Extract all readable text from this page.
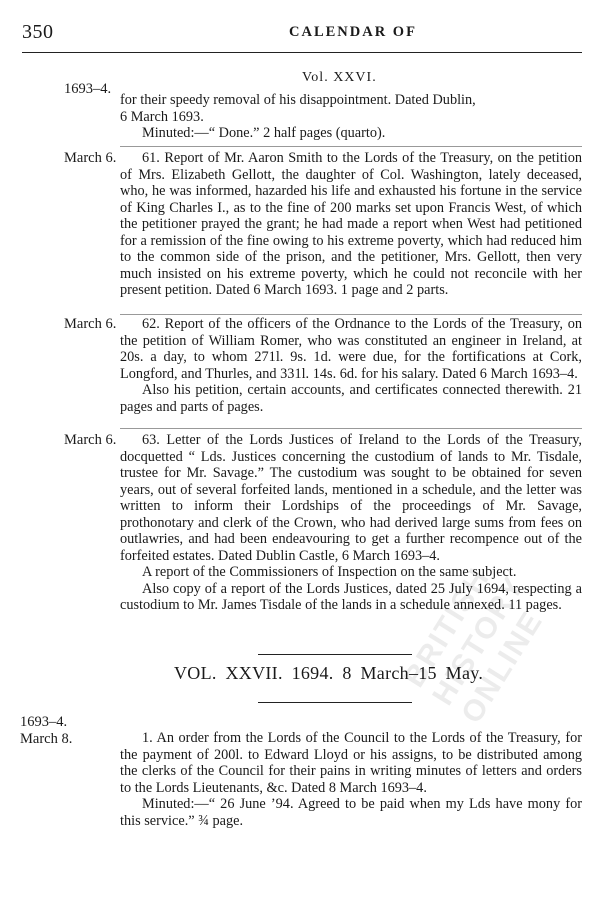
350	CALENDAR OF
BRITISH HISTORY ONLINE
Vol. XXVI.
1693–4.

for their speedy removal of his disappointment. Dated Dublin,

6 March 1693.

Minuted:—“ Done.” 2 half pages (quarto).

March 6.	61. Report of Mr. Aaron Smith to the Lords of the Treasury, on the petition of Mrs. Elizabeth Gellott, the daughter of Col. Washington, lately deceased, who, he was informed, hazarded his life and exhausted his fortune in the service of King Charles I., as to the fine of 200 marks set upon Francis West, of which the petitioner prayed the grant; he had made a report when West had petitioned for a remission of the fine owing to his extreme poverty, which had reduced him to the common side of the prison, and the petitioner, Mrs. Gellott, then very much insisted on his extreme poverty, which he could not reconcile with her present petition. Dated 6 March 1693. 1 page and 2 parts.
March 6.	62. Report of the officers of the Ordnance to the Lords of the Treasury, on the petition of William Romer, who was constituted an engineer in Ireland, at 20s. a day, to whom 271l. 9s. 1d. were due, for the fortifications at Cork, Longford, and Thurles, and 331l. 14s. 6d. for his salary. Dated 6 March 1693–4.

Also his petition, certain accounts, and certificates connected therewith. 21 pages and parts of pages.

March 6.	63. Letter of the Lords Justices of Ireland to the Lords of the Treasury, docquetted “ Lds. Justices concerning the custodium of lands to Mr. Tisdale, trustee for Mr. Savage.” The custodium was sought to be obtained for seven years, out of several forfeited lands, mentioned in a schedule, and the letter was written to inform their Lordships of the proceedings of Mr. Savage, prothonotary and clerk of the Crown, who had derived large sums from fees on outlawries, and had been endeavouring to get a further recompence out of the forfeited estates. Dated Dublin Castle, 6 March 1693–4.

A report of the Commissioners of Inspection on the same subject.

Also copy of a report of the Lords Justices, dated 25 July 1694, respecting a custodium to Mr. James Tisdale of the lands in a schedule annexed. 11 pages.

VOL. XXVII. 1694. 8 March–15 May.
1693–4.
March 8.	1. An order from the Lords of the Council to the Lords of the Treasury, for the payment of 200l. to Edward Lloyd or his assigns, to be distributed among the clerks of the Council for their pains in writing minutes of letters and orders to the Lords Lieutenants, &c. Dated 8 March 1693–4.

Minuted:—“ 26 June ’94. Agreed to be paid when my Lds have mony for this service.” ¾ page.
